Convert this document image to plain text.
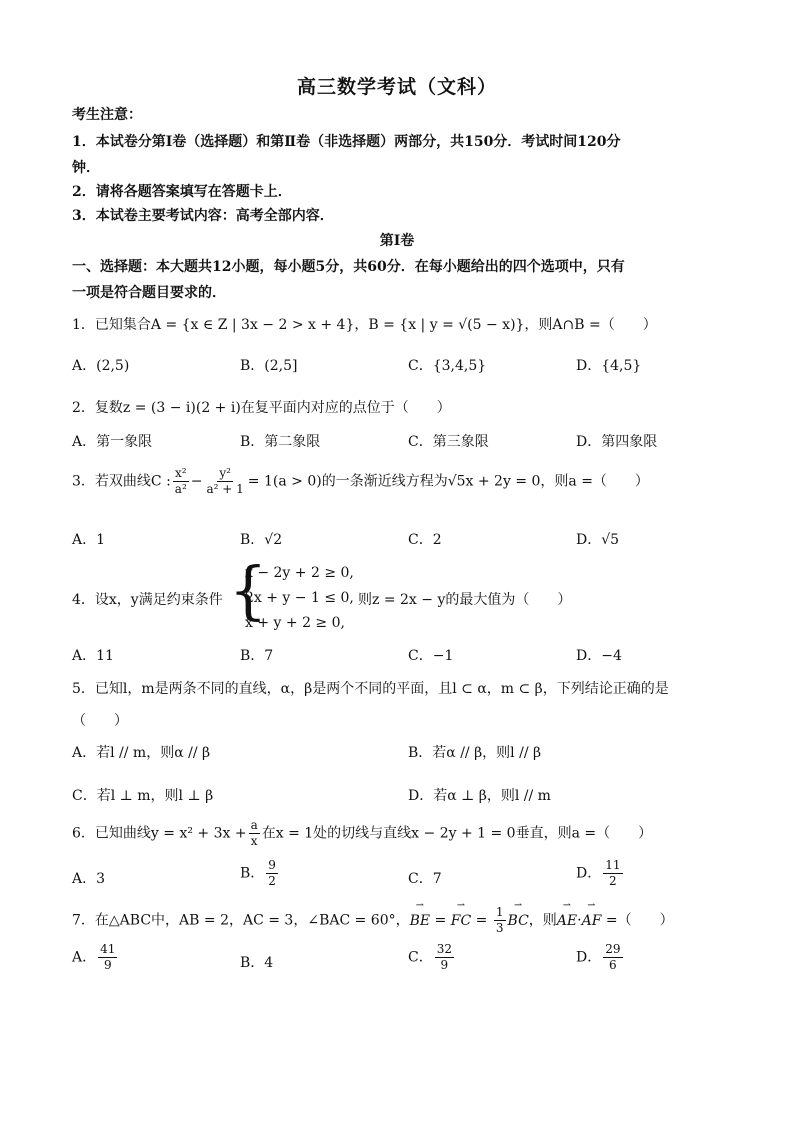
高三数学考试（文科）
考生注意：
1．本试卷分第Ⅰ卷（选择题）和第Ⅱ卷（非选择题）两部分，共150分．考试时间120分
钟．
2．请将各题答案填写在答题卡上．
3．本试卷主要考试内容：高考全部内容．
第Ⅰ卷
一、选择题：本大题共12小题，每小题5分，共60分．在每小题给出的四个选项中，只有
一项是符合题目要求的．
1．已知集合A = {x ∈ Z | 3x − 2 > x + 4}，B = {x | y = √(5 − x)}，则A∩B =（　　）
A．(2,5)	B．(2,5]	C．{3,4,5}	D．{4,5}
2．复数z = (3 − i)(2 + i)在复平面内对应的点位于（　　）
A．第一象限	B．第二象限	C．第三象限	D．第四象限
3．若双曲线C : $\frac{\text{x²}}{\text{a²}} - \frac{\text{y²}}{\text{a² + 1}} = 1(a > 0)$的一条渐近线方程为√5x + 2y = 0，则a =（　　）
A．1	B．√2	C．2	D．√5
4．设x，y满足约束条件 {
x − 2y + 2 ≥ 0,
2x + y − 1 ≤ 0,
x + y + 2 ≥ 0,
则z = 2x − y的最大值为（　　）
A．11	B．7	C．−1	D．−4
5．已知l，m是两条不同的直线，α，β是两个不同的平面，且l ⊂ α，m ⊂ β，下列结论正确的是
（　　）
A．若l // m，则α // β	B．若α // β，则l // β
C．若l ⊥ m，则l ⊥ β	D．若α ⊥ β，则l // m
6．已知曲线$y = x^2 + 3x + \frac{a}{x}$ 在x = 1处的切线与直线x − 2y + 1 = 0垂直，则a =（　　）
A．3	B． $\frac{9}{2}$	C．7	D． $\frac{11}{2}$
7．在△ABC中，AB = 2，AC = 3，∠BAC = 60°，⇀ BE = ⇀ FC = $\frac{1}{3}$
⇀ BC，则⇀ AE·⇀ AF =（　　）
A． $\frac{41}{9}$	B．4	C． $\frac{32}{9}$	D． $\frac{29}{6}$
